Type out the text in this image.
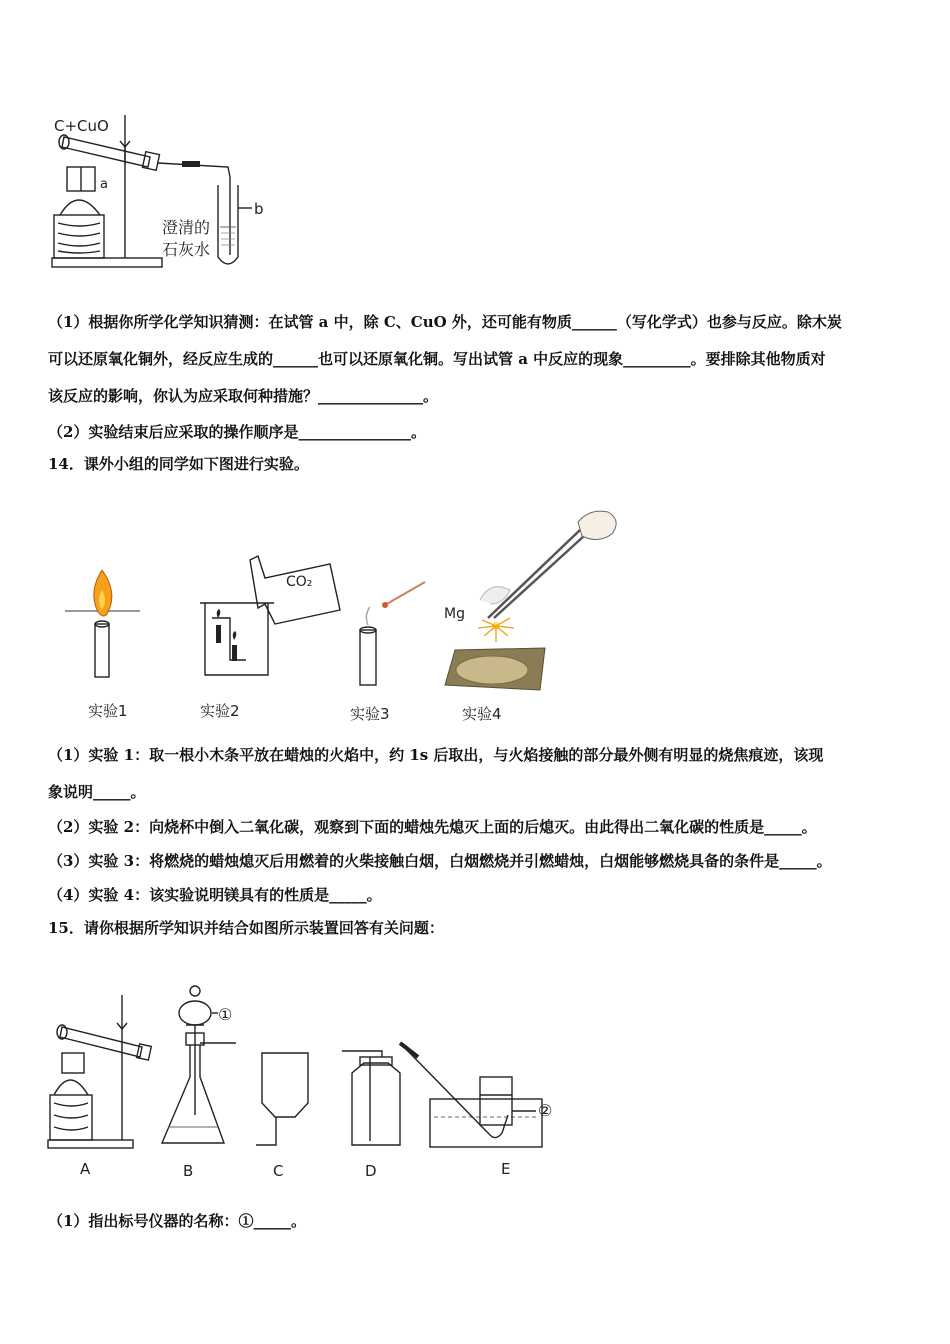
C+CuO
a
b
澄清的
石灰水
（1）根据你所学化学知识猜测：在试管 a 中，除 C、CuO 外，还可能有物质______（写化学式）也参与反应。除木炭
可以还原氧化铜外，经反应生成的______也可以还原氧化铜。写出试管 a 中反应的现象_________。要排除其他物质对
该反应的影响，你认为应采取何种措施？______________。
（2）实验结束后应采取的操作顺序是_______________。
14．课外小组的同学如下图进行实验。
CO₂
Mg
实验1	实验2	实验3	实验4
（1）实验 1：取一根小木条平放在蜡烛的火焰中，约 1s 后取出，与火焰接触的部分最外侧有明显的烧焦痕迹，该现
象说明_____。
（2）实验 2：向烧杯中倒入二氧化碳，观察到下面的蜡烛先熄灭上面的后熄灭。由此得出二氧化碳的性质是_____。
（3）实验 3：将燃烧的蜡烛熄灭后用燃着的火柴接触白烟，白烟燃烧并引燃蜡烛，白烟能够燃烧具备的条件是_____。
（4）实验 4：该实验说明镁具有的性质是_____。
15．请你根据所学知识并结合如图所示装置回答有关问题：
①
②
A	B	C	D	E
（1）指出标号仪器的名称：①_____。
